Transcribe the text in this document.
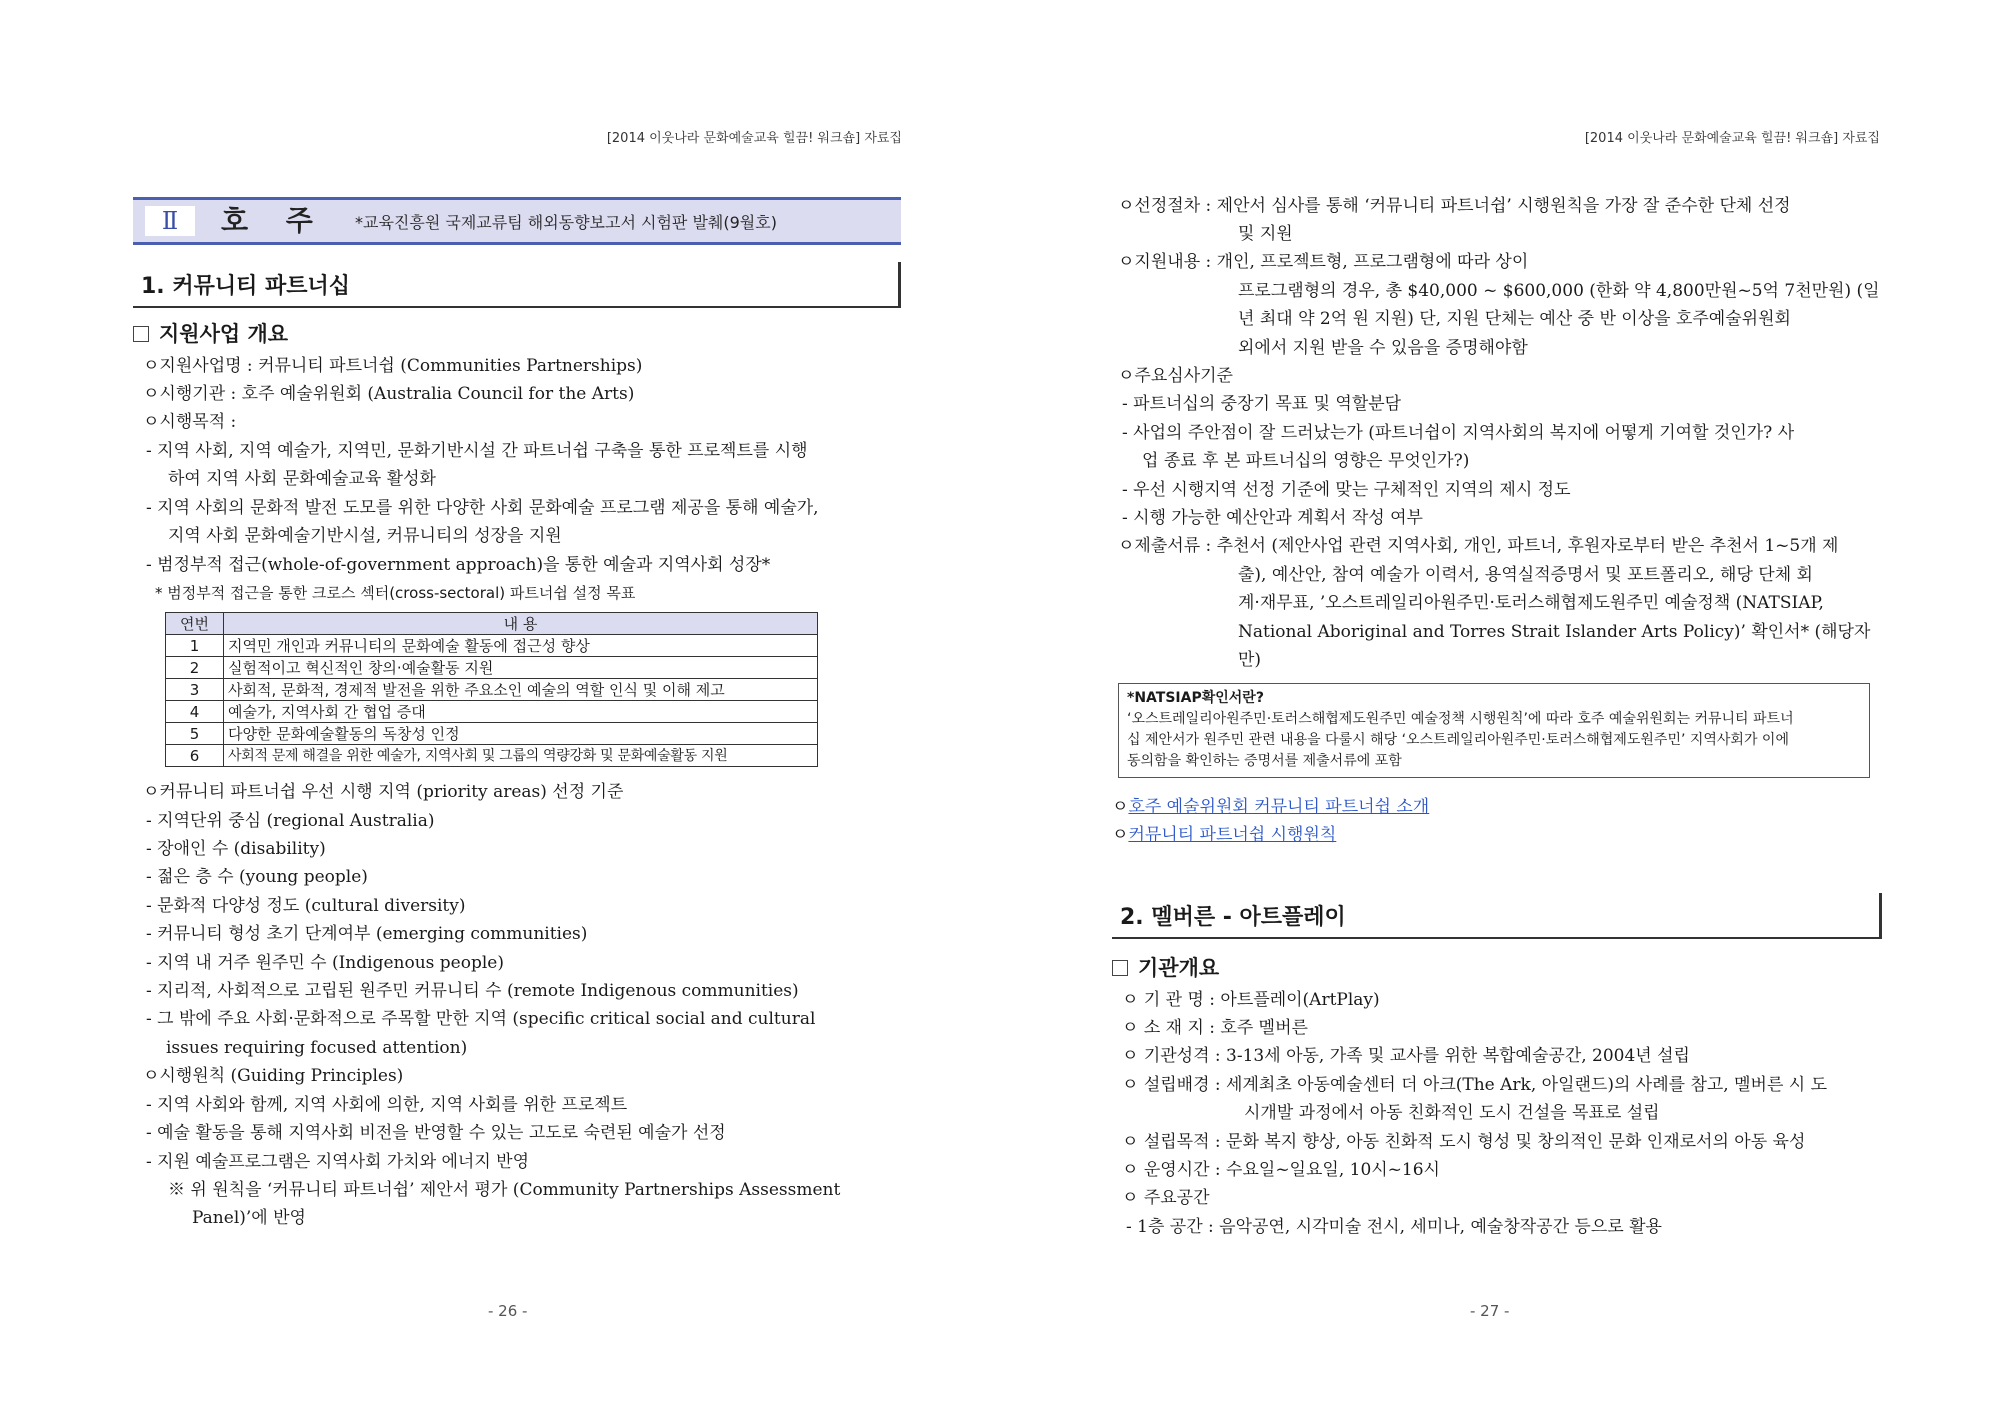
[2014 이웃나라 문화예술교육 힐끔! 워크숍] 자료집
Ⅱ	호 주 *교육진흥원 국제교류팀 해외동향보고서 시험판 발췌(9월호)
1. 커뮤니티 파트너십
지원사업 개요
ㅇ지원사업명 : 커뮤니티 파트너쉽 (Communities Partnerships)
ㅇ시행기관 : 호주 예술위원회 (Australia Council for the Arts)
ㅇ시행목적 :
- 지역 사회, 지역 예술가, 지역민, 문화기반시설 간 파트너쉽 구축을 통한 프로젝트를 시행
하여 지역 사회 문화예술교육 활성화
- 지역 사회의 문화적 발전 도모를 위한 다양한 사회 문화예술 프로그램 제공을 통해 예술가,
지역 사회 문화예술기반시설, 커뮤니티의 성장을 지원
- 범정부적 접근(whole-of-government approach)을 통한 예술과 지역사회 성장*
* 범정부적 접근을 통한 크로스 섹터(cross-sectoral) 파트너쉽 설정 목표
연번	내 용
1	지역민 개인과 커뮤니티의 문화예술 활동에 접근성 향상
2	실험적이고 혁신적인 창의·예술활동 지원
3	사회적, 문화적, 경제적 발전을 위한 주요소인 예술의 역할 인식 및 이해 제고
4	예술가, 지역사회 간 협업 증대
5	다양한 문화예술활동의 독창성 인정
6	사회적 문제 해결을 위한 예술가, 지역사회 및 그룹의 역량강화 및 문화예술활동 지원
ㅇ커뮤니티 파트너쉽 우선 시행 지역 (priority areas) 선정 기준
- 지역단위 중심 (regional Australia)
- 장애인 수 (disability)
- 젊은 층 수 (young people)
- 문화적 다양성 정도 (cultural diversity)
- 커뮤니티 형성 초기 단계여부 (emerging communities)
- 지역 내 거주 원주민 수 (Indigenous people)
- 지리적, 사회적으로 고립된 원주민 커뮤니티 수 (remote Indigenous communities)
- 그 밖에 주요 사회·문화적으로 주목할 만한 지역 (specific critical social and cultural
issues requiring focused attention)
ㅇ시행원칙 (Guiding Principles)
- 지역 사회와 함께, 지역 사회에 의한, 지역 사회를 위한 프로젝트
- 예술 활동을 통해 지역사회 비전을 반영할 수 있는 고도로 숙련된 예술가 선정
- 지원 예술프로그램은 지역사회 가치와 에너지 반영
※ 위 원칙을 ‘커뮤니티 파트너쉽’ 제안서 평가 (Community Partnerships Assessment
Panel)’에 반영
- 26 -
[2014 이웃나라 문화예술교육 힐끔! 워크숍] 자료집
ㅇ선정절차 : 제안서 심사를 통해 ‘커뮤니티 파트너쉽’ 시행원칙을 가장 잘 준수한 단체 선정
및 지원
ㅇ지원내용 : 개인, 프로젝트형, 프로그램형에 따라 상이
프로그램형의 경우, 총 $40,000 ~ $600,000 (한화 약 4,800만원~5억 7천만원) (일
년 최대 약 2억 원 지원) 단, 지원 단체는 예산 중 반 이상을 호주예술위원회
외에서 지원 받을 수 있음을 증명해야함
ㅇ주요심사기준
- 파트너십의 중장기 목표 및 역할분담
- 사업의 주안점이 잘 드러났는가 (파트너쉽이 지역사회의 복지에 어떻게 기여할 것인가? 사
업 종료 후 본 파트너십의 영향은 무엇인가?)
- 우선 시행지역 선정 기준에 맞는 구체적인 지역의 제시 정도
- 시행 가능한 예산안과 계획서 작성 여부
ㅇ제출서류 : 추천서 (제안사업 관련 지역사회, 개인, 파트너, 후원자로부터 받은 추천서 1~5개 제
출), 예산안, 참여 예술가 이력서, 용역실적증명서 및 포트폴리오, 해당 단체 회
계·재무표, ’오스트레일리아원주민·토러스해협제도원주민 예술정책 (NATSIAP,
National Aboriginal and Torres Strait Islander Arts Policy)’ 확인서* (해당자
만)
*NATSIAP확인서란?
‘오스트레일리아원주민·토러스해협제도원주민 예술정책 시행원칙’에 따라 호주 예술위원회는 커뮤니티 파트너
십 제안서가 원주민 관련 내용을 다룰시 해당 ‘오스트레일리아원주민·토러스해협제도원주민’ 지역사회가 이에
동의함을 확인하는 증명서를 제출서류에 포함
ㅇ호주 예술위원회 커뮤니티 파트너쉽 소개
ㅇ커뮤니티 파트너쉽 시행원칙
2. 멜버른 - 아트플레이
기관개요
ㅇ 기 관 명 : 아트플레이(ArtPlay)
ㅇ 소 재 지 : 호주 멜버른
ㅇ 기관성격 : 3-13세 아동, 가족 및 교사를 위한 복합예술공간, 2004년 설립
ㅇ 설립배경 : 세계최초 아동예술센터 더 아크(The Ark, 아일랜드)의 사례를 참고, 멜버른 시 도
시개발 과정에서 아동 친화적인 도시 건설을 목표로 설립
ㅇ 설립목적 : 문화 복지 향상, 아동 친화적 도시 형성 및 창의적인 문화 인재로서의 아동 육성
ㅇ 운영시간 : 수요일~일요일, 10시~16시
ㅇ 주요공간
- 1층 공간 : 음악공연, 시각미술 전시, 세미나, 예술창작공간 등으로 활용
- 27 -
